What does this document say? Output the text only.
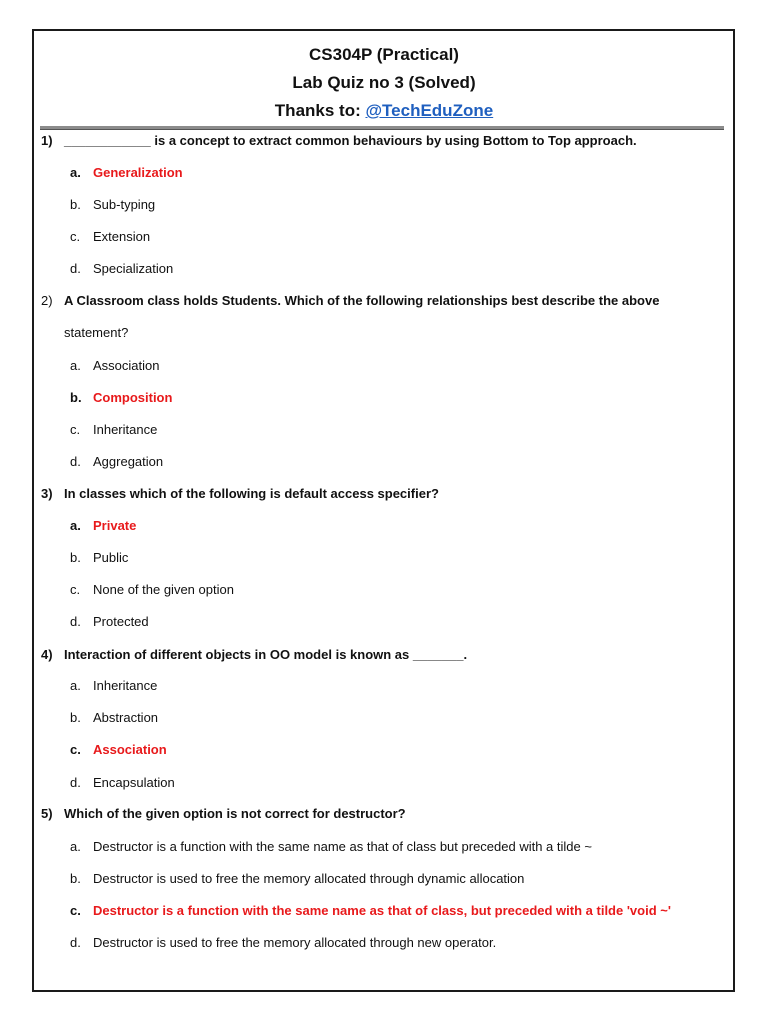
CS304P (Practical)
Lab Quiz no 3 (Solved)
Thanks to: @TechEduZone
1) ____________ is a concept to extract common behaviours by using Bottom to Top approach.
a. Generalization
b. Sub-typing
c. Extension
d. Specialization
2) A Classroom class holds Students. Which of the following relationships best describe the above
statement?
a. Association
b. Composition
c. Inheritance
d. Aggregation
3) In classes which of the following is default access specifier?
a. Private
b. Public
c. None of the given option
d. Protected
4) Interaction of different objects in OO model is known as _______.
a. Inheritance
b. Abstraction
c. Association
d. Encapsulation
5) Which of the given option is not correct for destructor?
a. Destructor is a function with the same name as that of class but preceded with a tilde ~
b. Destructor is used to free the memory allocated through dynamic allocation
c. Destructor is a function with the same name as that of class, but preceded with a tilde 'void ~'
d. Destructor is used to free the memory allocated through new operator.
